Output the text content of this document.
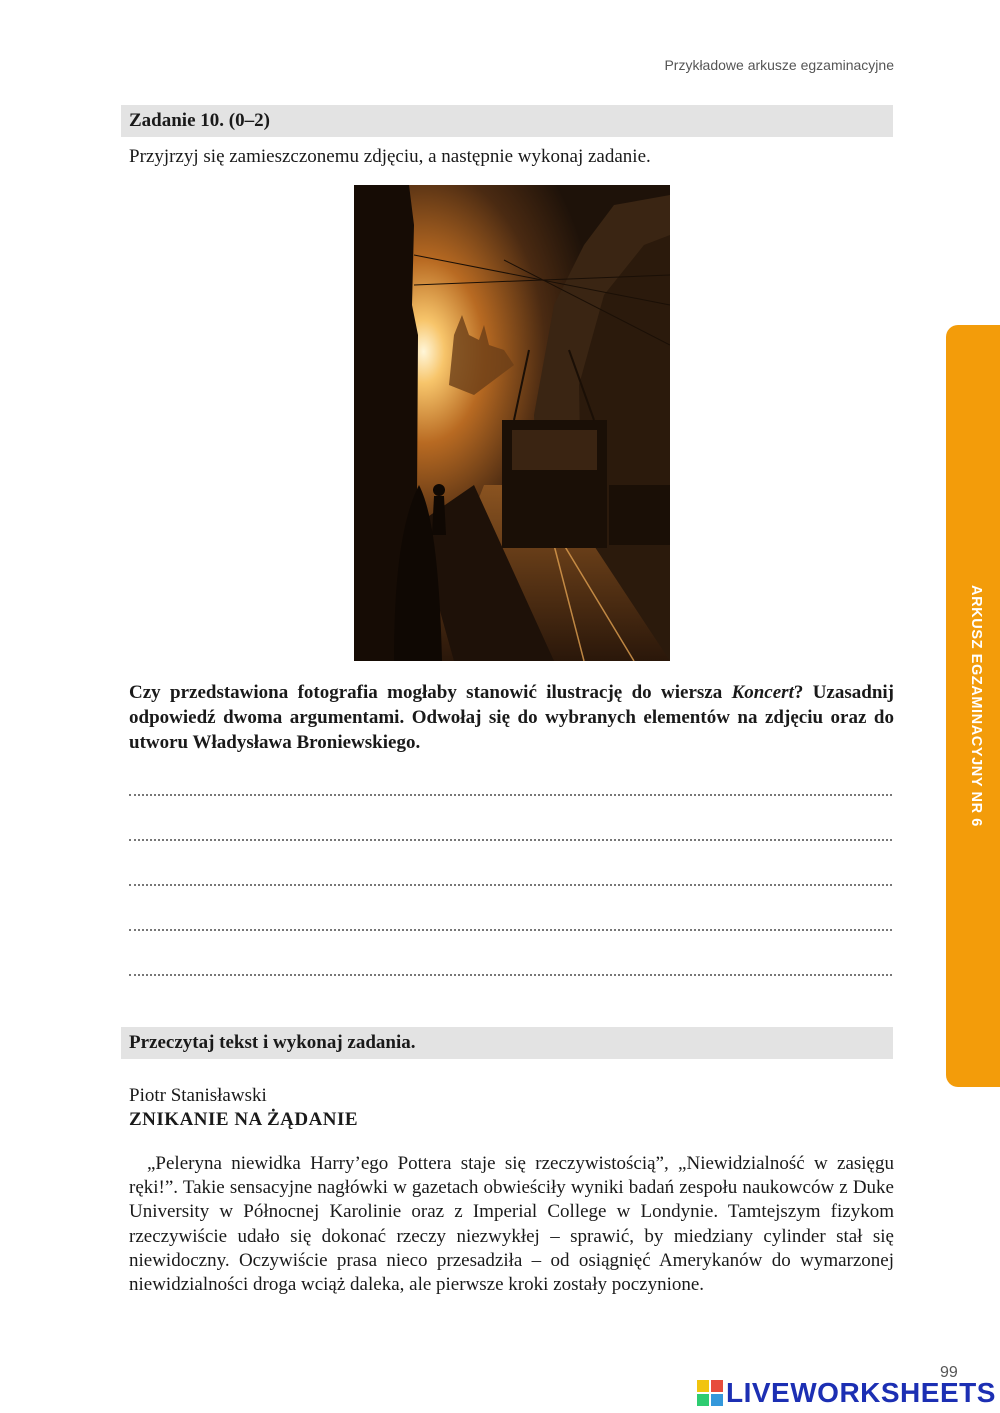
Przykładowe arkusze egzaminacyjne
Zadanie 10. (0–2)
Przyjrzyj się zamieszczonemu zdjęciu, a następnie wykonaj zadanie.
Czy przedstawiona fotografia mogłaby stanowić ilustrację do wiersza Koncert? Uzasadnij odpowiedź dwoma argumentami. Odwołaj się do wybranych elementów na zdjęciu oraz do utworu Władysława Broniewskiego.
Przeczytaj tekst i wykonaj zadania.
Piotr Stanisławski
ZNIKANIE NA ŻĄDANIE
„Peleryna niewidka Harry’ego Pottera staje się rzeczywistością”, „Niewidzialność w zasięgu ręki!”. Takie sensacyjne nagłówki w gazetach obwieściły wyniki badań zespołu naukowców z Duke University w Północnej Karolinie oraz z Imperial College w Londynie. Tamtejszym fizykom rzeczywiście udało się dokonać rzeczy niezwykłej – sprawić, by miedziany cylinder stał się niewidoczny. Oczywiście prasa nieco przesadziła – od osiągnięć Amerykanów do wymarzonej niewidzialności droga wciąż daleka, ale pierwsze kroki zostały poczynione.
ARKUSZ EGZAMINACYJNY NR 6
99
LIVEWORKSHEETS
